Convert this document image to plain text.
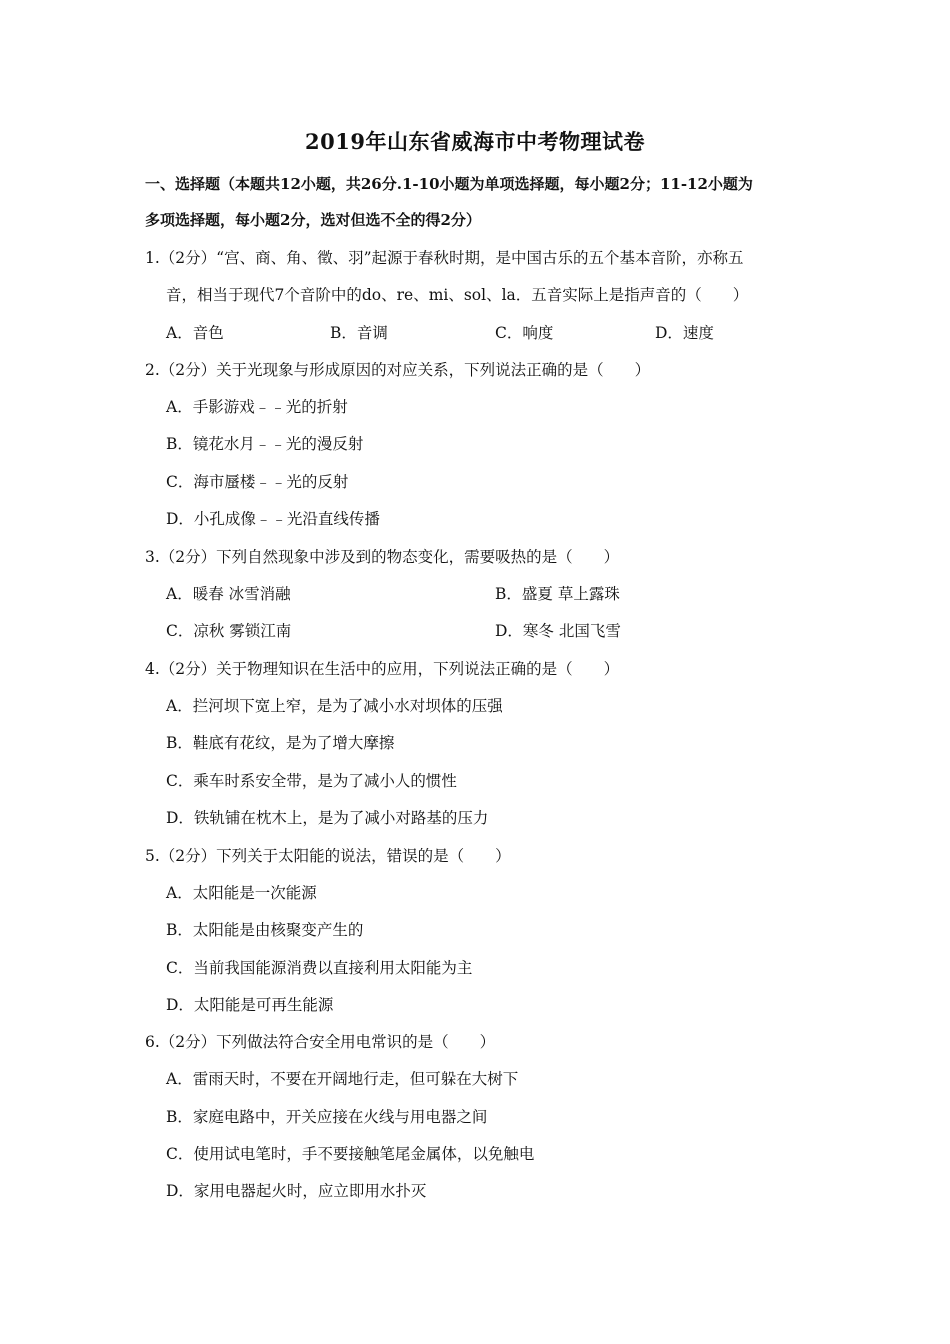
2019年山东省威海市中考物理试卷
一、选择题（本题共12小题，共26分.1-10小题为单项选择题，每小题2分；11-12小题为
多项选择题，每小题2分，选对但选不全的得2分）
1.（2分）“宫、商、角、徵、羽”起源于春秋时期，是中国古乐的五个基本音阶，亦称五
音，相当于现代7个音阶中的do、re、mi、sol、la．五音实际上是指声音的（　　）
A．音色	B．音调	C．响度	D．速度
2.（2分）关于光现象与形成原因的对应关系，下列说法正确的是（　　）
A．手影游戏﹣﹣光的折射
B．镜花水月﹣﹣光的漫反射
C．海市蜃楼﹣﹣光的反射
D．小孔成像﹣﹣光沿直线传播
3.（2分）下列自然现象中涉及到的物态变化，需要吸热的是（　　）
A．暖春 冰雪消融	B．盛夏 草上露珠
C．凉秋 雾锁江南	D．寒冬 北国飞雪
4.（2分）关于物理知识在生活中的应用，下列说法正确的是（　　）
A．拦河坝下宽上窄，是为了减小水对坝体的压强
B．鞋底有花纹，是为了增大摩擦
C．乘车时系安全带，是为了减小人的惯性
D．铁轨铺在枕木上，是为了减小对路基的压力
5.（2分）下列关于太阳能的说法，错误的是（　　）
A．太阳能是一次能源
B．太阳能是由核聚变产生的
C．当前我国能源消费以直接利用太阳能为主
D．太阳能是可再生能源
6.（2分）下列做法符合安全用电常识的是（　　）
A．雷雨天时，不要在开阔地行走，但可躲在大树下
B．家庭电路中，开关应接在火线与用电器之间
C．使用试电笔时，手不要接触笔尾金属体，以免触电
D．家用电器起火时，应立即用水扑灭
